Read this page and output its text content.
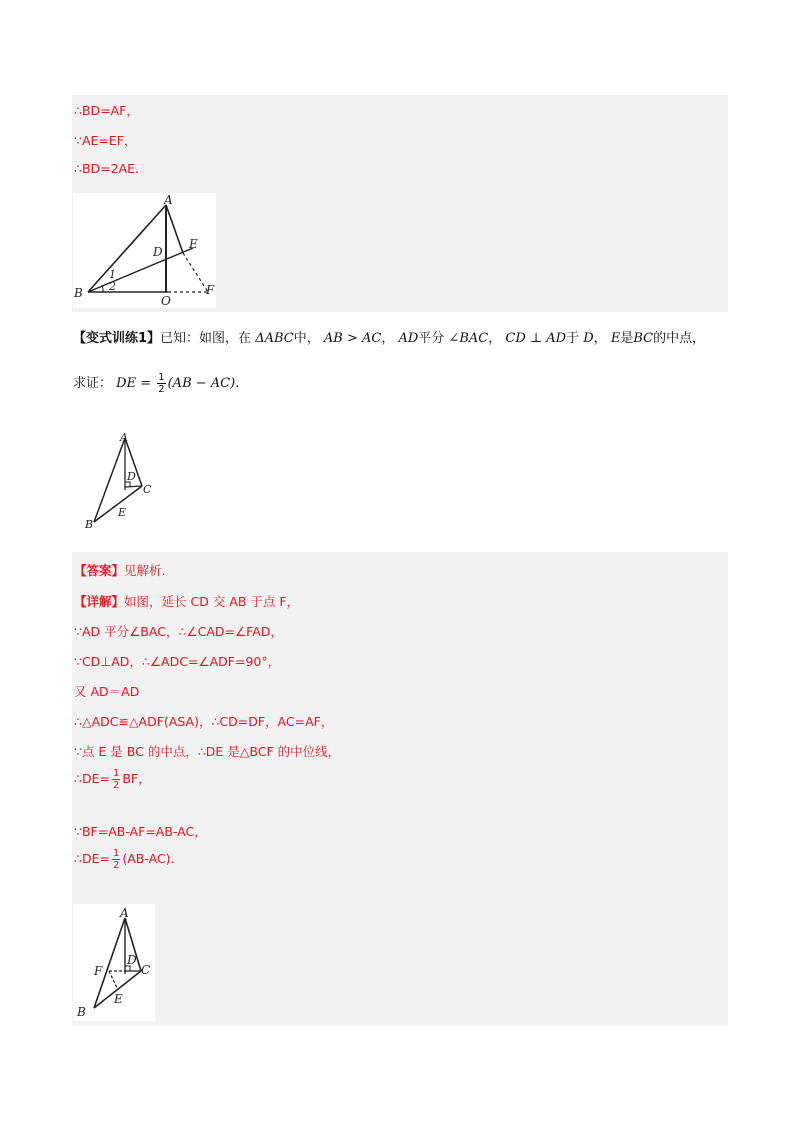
∴BD=AF，
∵AE=EF，
∴BD=2AE.
A
D
E
1
2
B
O
F
【变式训练1】已知：如图，在 ΔABC中， AB > AC， AD平分 ∠BAC， CD ⊥ AD于 D， E是BC的中点，
求证： DE = $\frac{1}{2} (AB - AC)$.
A
D
C
E
B
【答案】见解析.
【详解】如图，延长 CD 交 AB 于点 F，
∵AD 平分∠BAC，∴∠CAD=∠FAD，
∵CD⊥AD，∴∠ADC=∠ADF=90°，
又 AD＝AD
∴△ADC≌△ADF(ASA)，∴CD=DF，AC=AF，
∵点 E 是 BC 的中点，∴DE 是△BCF 的中位线，
∴DE= $\frac{1}{2}$ BF，
∵BF=AB-AF=AB-AC，
∴DE= $\frac{1}{2} (AB-AC)$.
A
F
D
C
E
B
